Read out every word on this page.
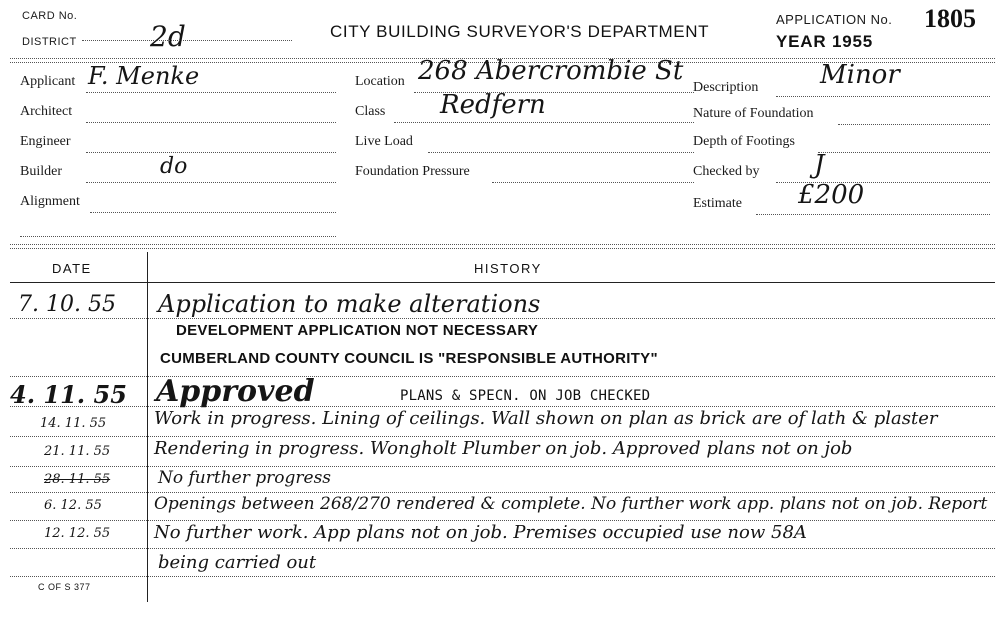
CARD No.
DISTRICT	2d	CITY BUILDING SURVEYOR'S DEPARTMENT
APPLICATION No. 1805
YEAR 1955
Applicant F. Menke
Architect
Engineer
Builder	do
Alignment
Location 268 Abercrombie St
Class Redfern
Live Load
Foundation Pressure
Description Minor
Nature of Foundation
Depth of Footings
Checked by J
Estimate £200
DATE	HISTORY
7. 10. 55 Application to make alterations
DEVELOPMENT APPLICATION NOT NECESSARY
CUMBERLAND COUNTY COUNCIL IS "RESPONSIBLE AUTHORITY"
4. 11. 55 Approved	PLANS & SPECN. ON JOB CHECKED
14. 11. 55	Work in progress. Lining of ceilings. Wall shown on plan as brick are of lath & plaster
21. 11. 55 Rendering in progress. Wongholt Plumber on job. Approved plans not on job
28. 11. 55	No further progress
6. 12. 55	Openings between 268/270 rendered & complete. No further work app. plans not on job. Report
12. 12. 55 No further work. App plans not on job. Premises occupied use now 58A
being carried out
C OF S 377
